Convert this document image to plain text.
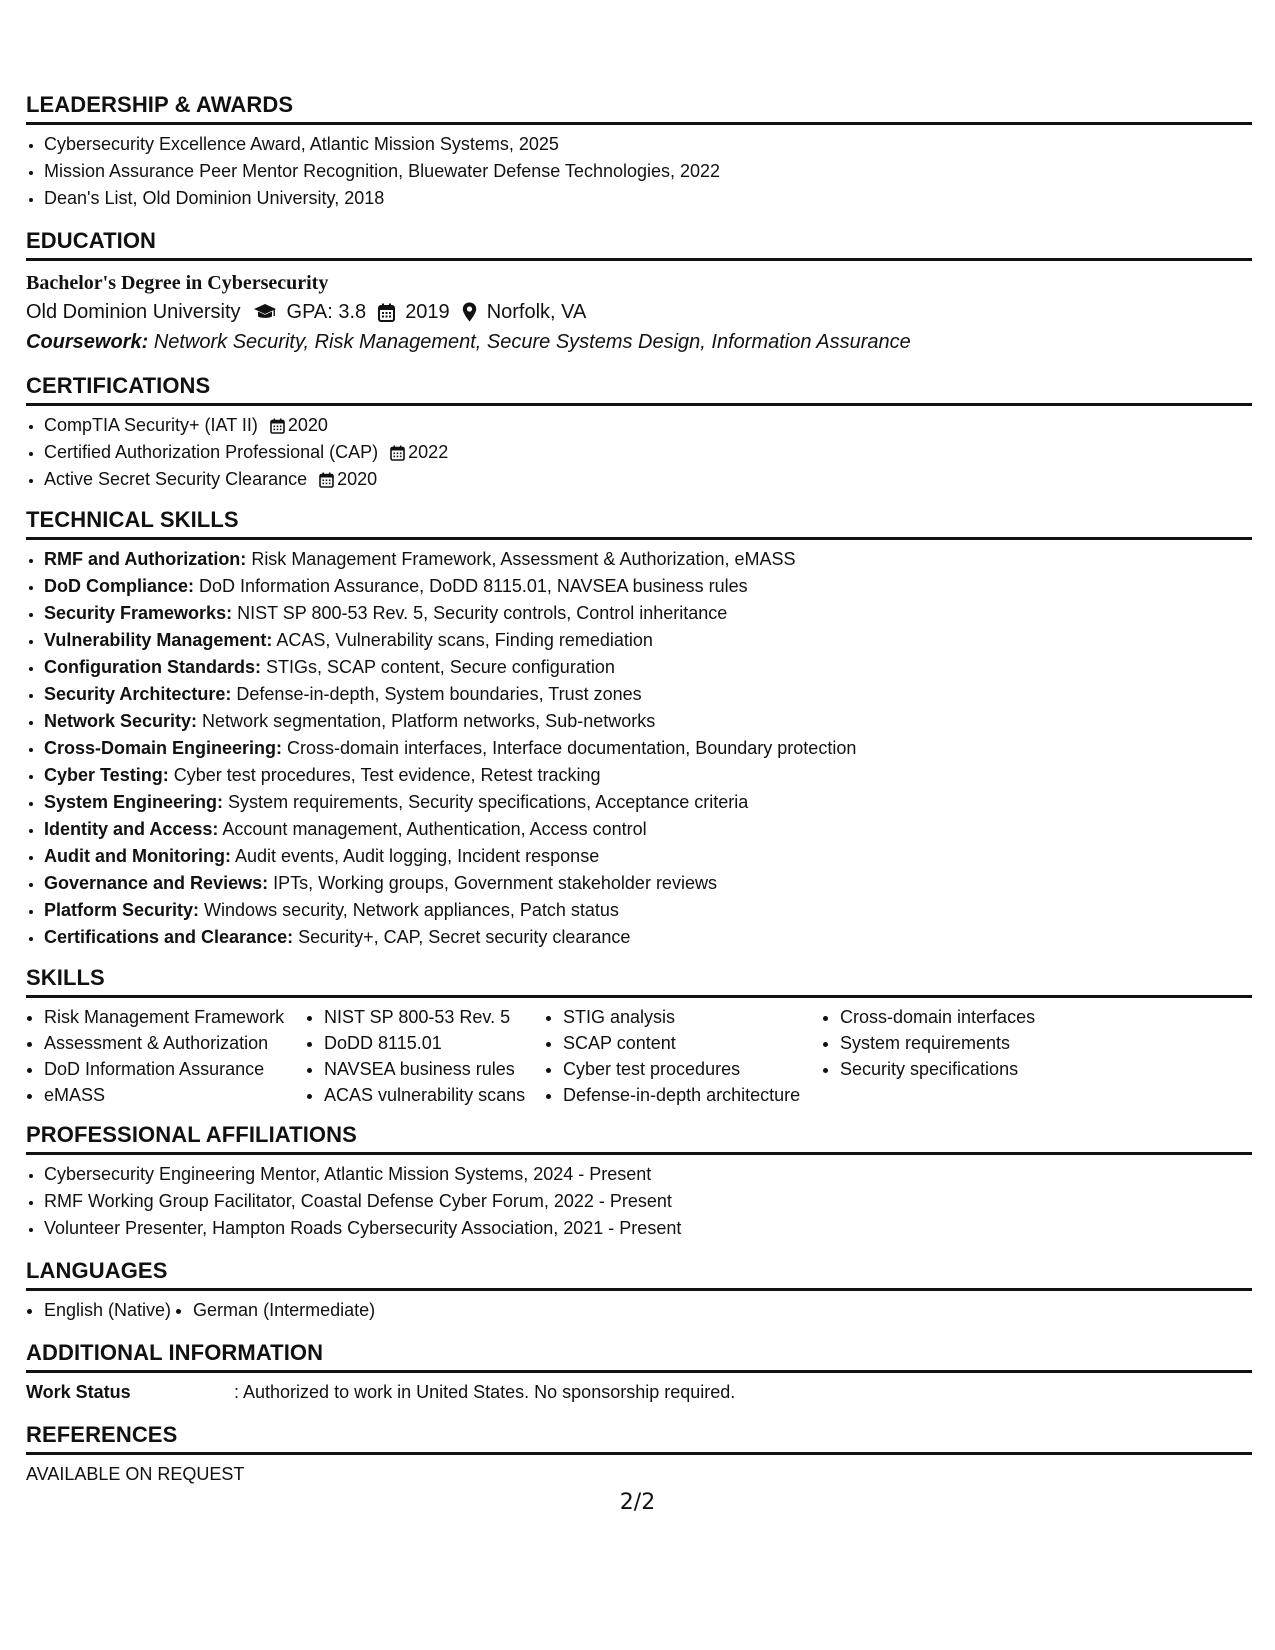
LEADERSHIP & AWARDS
• Cybersecurity Excellence Award, Atlantic Mission Systems, 2025
• Mission Assurance Peer Mentor Recognition, Bluewater Defense Technologies, 2022
• Dean's List, Old Dominion University, 2018
EDUCATION
Bachelor's Degree in Cybersecurity
Old Dominion University GPA: 3.8 2019 Norfolk, VA
Coursework: Network Security, Risk Management, Secure Systems Design, Information Assurance
CERTIFICATIONS
• CompTIA Security+ (IAT II) 2020
• Certified Authorization Professional (CAP) 2022
• Active Secret Security Clearance 2020
TECHNICAL SKILLS
• RMF and Authorization: Risk Management Framework, Assessment & Authorization, eMASS
• DoD Compliance: DoD Information Assurance, DoDD 8115.01, NAVSEA business rules
• Security Frameworks: NIST SP 800-53 Rev. 5, Security controls, Control inheritance
• Vulnerability Management: ACAS, Vulnerability scans, Finding remediation
• Configuration Standards: STIGs, SCAP content, Secure configuration
• Security Architecture: Defense-in-depth, System boundaries, Trust zones
• Network Security: Network segmentation, Platform networks, Sub-networks
• Cross-Domain Engineering: Cross-domain interfaces, Interface documentation, Boundary protection
• Cyber Testing: Cyber test procedures, Test evidence, Retest tracking
• System Engineering: System requirements, Security specifications, Acceptance criteria
• Identity and Access: Account management, Authentication, Access control
• Audit and Monitoring: Audit events, Audit logging, Incident response
• Governance and Reviews: IPTs, Working groups, Government stakeholder reviews
• Platform Security: Windows security, Network appliances, Patch status
• Certifications and Clearance: Security+, CAP, Secret security clearance
SKILLS
• Risk Management Framework
• Assessment & Authorization
• DoD Information Assurance
• eMASS
• NIST SP 800-53 Rev. 5
• DoDD 8115.01
• NAVSEA business rules
• ACAS vulnerability scans
• STIG analysis
• SCAP content
• Cyber test procedures
• Defense-in-depth architecture
• Cross-domain interfaces
• System requirements
• Security specifications
PROFESSIONAL AFFILIATIONS
• Cybersecurity Engineering Mentor, Atlantic Mission Systems, 2024 - Present
• RMF Working Group Facilitator, Coastal Defense Cyber Forum, 2022 - Present
• Volunteer Presenter, Hampton Roads Cybersecurity Association, 2021 - Present
LANGUAGES
• English (Native)
• German (Intermediate)
ADDITIONAL INFORMATION
Work Status	: Authorized to work in United States. No sponsorship required.
REFERENCES
AVAILABLE ON REQUEST
2/2
